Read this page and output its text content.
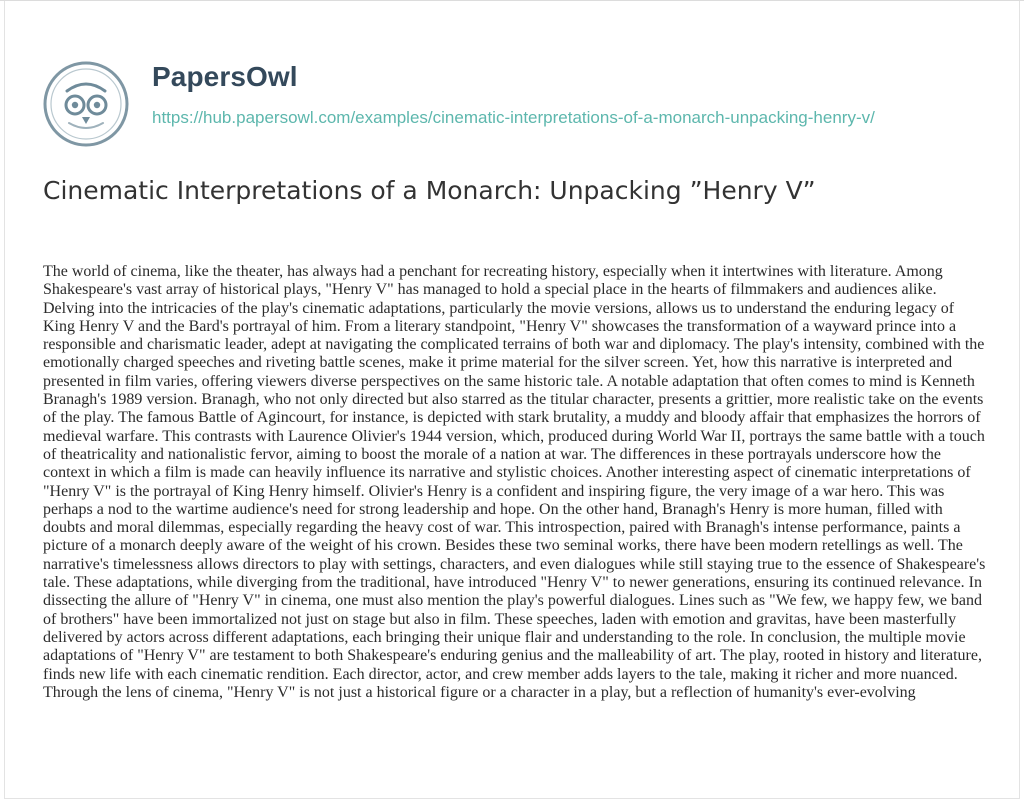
PapersOwl
https://hub.papersowl.com/examples/cinematic-interpretations-of-a-monarch-unpacking-henry-v/
Cinematic Interpretations of a Monarch: Unpacking ”Henry V”

The world of cinema, like the theater, has always had a penchant for recreating history, especially when it intertwines with literature. Among Shakespeare's vast array of historical plays, "Henry V" has managed to hold a special place in the hearts of filmmakers and audiences alike. Delving into the intricacies of the play's cinematic adaptations, particularly the movie versions, allows us to understand the enduring legacy of King Henry V and the Bard's portrayal of him. From a literary standpoint, "Henry V" showcases the transformation of a wayward prince into a responsible and charismatic leader, adept at navigating the complicated terrains of both war and diplomacy. The play's intensity, combined with the emotionally charged speeches and riveting battle scenes, make it prime material for the silver screen. Yet, how this narrative is interpreted and presented in film varies, offering viewers diverse perspectives on the same historic tale. A notable adaptation that often comes to mind is Kenneth Branagh's 1989 version. Branagh, who not only directed but also starred as the titular character, presents a grittier, more realistic take on the events of the play. The famous Battle of Agincourt, for instance, is depicted with stark brutality, a muddy and bloody affair that emphasizes the horrors of medieval warfare. This contrasts with Laurence Olivier's 1944 version, which, produced during World War II, portrays the same battle with a touch of theatricality and nationalistic fervor, aiming to boost the morale of a nation at war. The differences in these portrayals underscore how the context in which a film is made can heavily influence its narrative and stylistic choices. Another interesting aspect of cinematic interpretations of "Henry V" is the portrayal of King Henry himself. Olivier's Henry is a confident and inspiring figure, the very image of a war hero. This was perhaps a nod to the wartime audience's need for strong leadership and hope. On the other hand, Branagh's Henry is more human, filled with doubts and moral dilemmas, especially regarding the heavy cost of war. This introspection, paired with Branagh's intense performance, paints a picture of a monarch deeply aware of the weight of his crown. Besides these two seminal works, there have been modern retellings as well. The narrative's timelessness allows directors to play with settings, characters, and even dialogues while still staying true to the essence of Shakespeare's tale. These adaptations, while diverging from the traditional, have introduced "Henry V" to newer generations, ensuring its continued relevance. In dissecting the allure of "Henry V" in cinema, one must also mention the play's powerful dialogues. Lines such as "We few, we happy few, we band of brothers" have been immortalized not just on stage but also in film. These speeches, laden with emotion and gravitas, have been masterfully delivered by actors across different adaptations, each bringing their unique flair and understanding to the role. In conclusion, the multiple movie adaptations of "Henry V" are testament to both Shakespeare's enduring genius and the malleability of art. The play, rooted in history and literature, finds new life with each cinematic rendition. Each director, actor, and crew member adds layers to the tale, making it richer and more nuanced. Through the lens of cinema, "Henry V" is not just a historical figure or a character in a play, but a reflection of humanity's ever-evolving
